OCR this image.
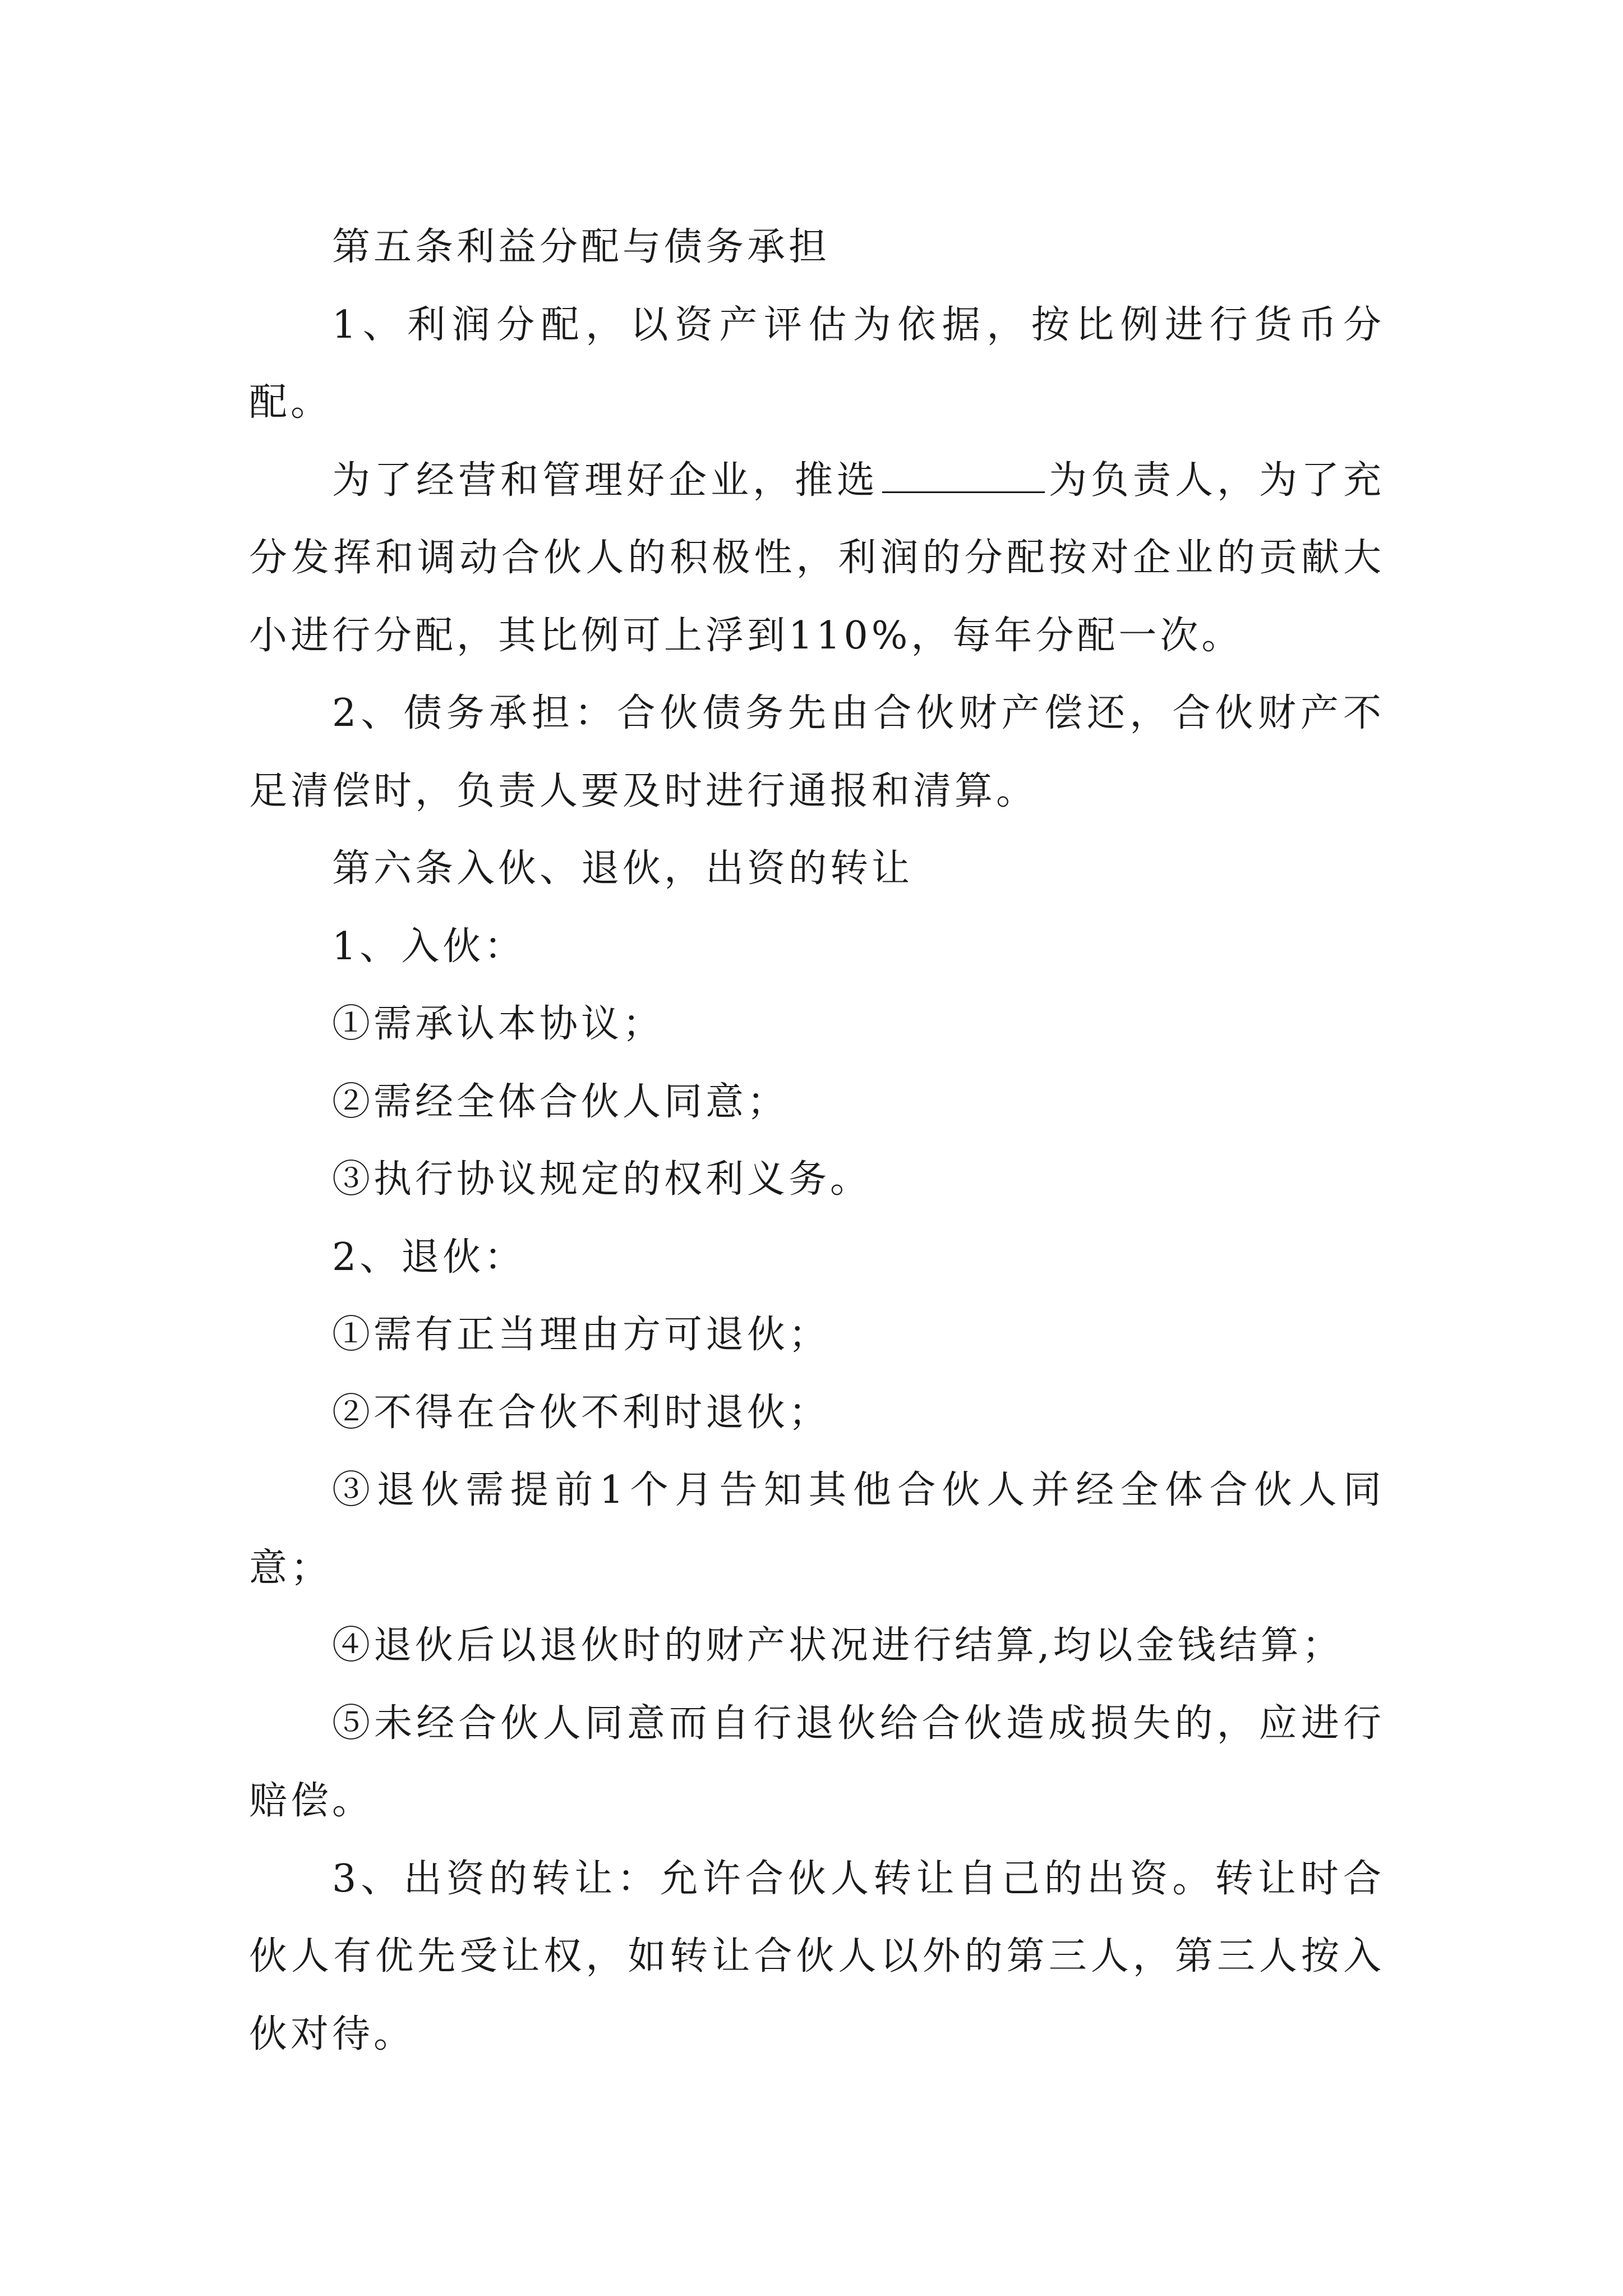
第五条利益分配与债务承担

1、利润分配，以资产评估为依据，按比例进行货币分配。

为了经营和管理好企业，推选	为负责人，为了充分发挥和调动合伙人的积极性，利润的分配按对企业的贡献大小进行分配，其比例可上浮到110%，每年分配一次。

2、债务承担：合伙债务先由合伙财产偿还，合伙财产不足清偿时，负责人要及时进行通报和清算。

第六条入伙、退伙，出资的转让

1、入伙：

①需承认本协议；

②需经全体合伙人同意；

③执行协议规定的权利义务。

2、退伙：

①需有正当理由方可退伙；

②不得在合伙不利时退伙；

③退伙需提前1个月告知其他合伙人并经全体合伙人同意；

④退伙后以退伙时的财产状况进行结算,均以金钱结算；

⑤未经合伙人同意而自行退伙给合伙造成损失的，应进行赔偿。

3、出资的转让：允许合伙人转让自己的出资。转让时合伙人有优先受让权，如转让合伙人以外的第三人，第三人按入伙对待。
